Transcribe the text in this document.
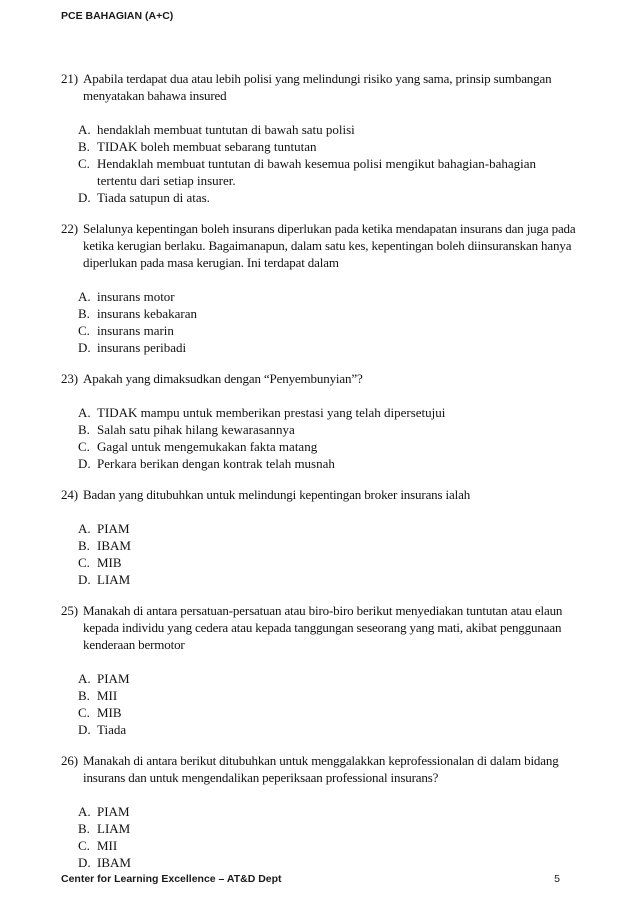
PCE BAHAGIAN (A+C)
21) Apabila terdapat dua atau lebih polisi yang melindungi risiko yang sama, prinsip sumbangan menyatakan bahawa insured
A. hendaklah membuat tuntutan di bawah satu polisi
B. TIDAK boleh membuat sebarang tuntutan
C. Hendaklah membuat tuntutan di bawah kesemua polisi mengikut bahagian-bahagian tertentu dari setiap insurer.
D. Tiada satupun di atas.
22) Selalunya kepentingan boleh insurans diperlukan pada ketika mendapatan insurans dan juga pada ketika kerugian berlaku. Bagaimanapun, dalam satu kes, kepentingan boleh diinsuranskan hanya diperlukan pada masa kerugian. Ini terdapat dalam
A. insurans motor
B. insurans kebakaran
C. insurans marin
D. insurans peribadi
23) Apakah yang dimaksudkan dengan “Penyembunyian”?
A. TIDAK mampu untuk memberikan prestasi yang telah dipersetujui
B. Salah satu pihak hilang kewarasannya
C. Gagal untuk mengemukakan fakta matang
D. Perkara berikan dengan kontrak telah musnah
24) Badan yang ditubuhkan untuk melindungi kepentingan broker insurans ialah
A. PIAM
B. IBAM
C. MIB
D. LIAM
25) Manakah di antara persatuan-persatuan atau biro-biro berikut menyediakan tuntutan atau elaun kepada individu yang cedera atau kepada tanggungan seseorang yang mati, akibat penggunaan kenderaan bermotor
A. PIAM
B. MII
C. MIB
D. Tiada
26) Manakah di antara berikut ditubuhkan untuk menggalakkan keprofessionalan di dalam bidang insurans dan untuk mengendalikan peperiksaan professional insurans?
A. PIAM
B. LIAM
C. MII
D. IBAM
Center for Learning Excellence – AT&D Dept	5
